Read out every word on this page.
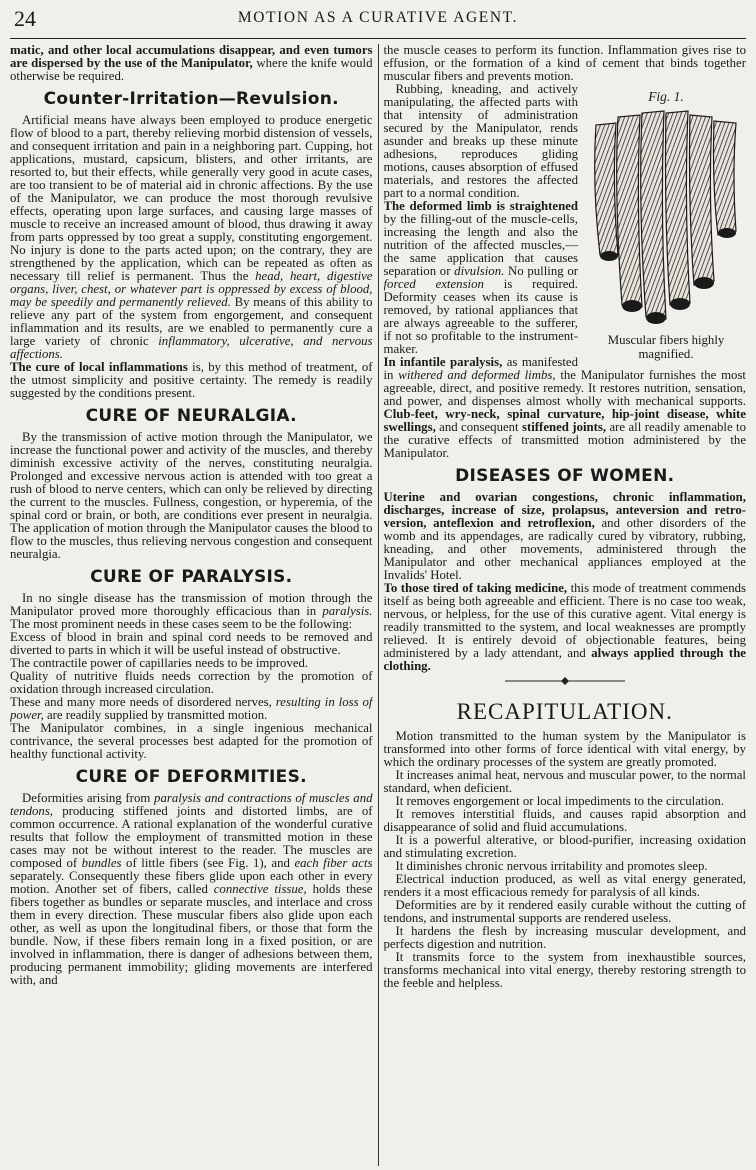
24	MOTION AS A CURATIVE AGENT.

matic, and other local accumulations disappear, and even tumors are dispersed by the use of the Manipulator, where the knife would otherwise be required.

Counter-Irritation—Revulsion.

Artificial means have always been employed to produce energetic flow of blood to a part, thereby relieving morbid distension of vessels, and consequent irritation and pain in a neighboring part. Cupping, hot applications, mustard, capsicum, blisters, and other irritants, are resorted to, but their effects, while generally very good in acute cases, are too transient to be of material aid in chronic affections. By the use of the Manipulator, we can produce the most thorough revulsive effects, operating upon large surfaces, and causing large masses of muscle to receive an increased amount of blood, thus drawing it away from parts oppressed by too great a supply, constituting engorgement. No injury is done to the parts acted upon; on the contrary, they are strengthened by the application, which can be repeated as often as necessary till relief is permanent. Thus the head, heart, digestive organs, liver, chest, or whatever part is oppressed by excess of blood, may be speedily and permanently relieved. By means of this ability to relieve any part of the system from engorgement, and consequent inflammation and its results, are we enabled to permanently cure a large variety of chronic inflammatory, ulcerative, and nervous affections.

The cure of local inflammations is, by this method of treatment, of the utmost simplicity and positive certainty. The remedy is readily suggested by the conditions present.

CURE OF NEURALGIA.

By the transmission of active motion through the Manipulator, we increase the functional power and activity of the muscles, and thereby diminish excessive activity of the nerves, constituting neuralgia. Prolonged and excessive nervous action is attended with too great a rush of blood to nerve centers, which can only be relieved by directing the current to the muscles. Fullness, congestion, or hyperemia, of the spinal cord or brain, or both, are conditions ever present in neuralgia. The application of motion through the Manipulator causes the blood to flow to the muscles, thus relieving nervous congestion and consequent neuralgia.

CURE OF PARALYSIS.

In no single disease has the transmission of motion through the Manipulator proved more thoroughly efficacious than in paralysis. The most prominent needs in these cases seem to be the following:

Excess of blood in brain and spinal cord needs to be removed and diverted to parts in which it will be useful instead of obstructive.

The contractile power of capillaries needs to be improved.

Quality of nutritive fluids needs correction by the promotion of oxidation through increased circulation.

These and many more needs of disordered nerves, resulting in loss of power, are readily supplied by transmitted motion.

The Manipulator combines, in a single ingenious mechanical contrivance, the several processes best adapted for the promotion of healthy functional activity.

CURE OF DEFORMITIES.

Deformities arising from paralysis and contractions of muscles and tendons, producing stiffened joints and distorted limbs, are of common occurrence. A rational explanation of the wonderful curative results that follow the employment of transmitted motion in these cases may not be without interest to the reader. The muscles are composed of bundles of little fibers (see Fig. 1), and each fiber acts separately. Consequently these fibers glide upon each other in every motion. Another set of fibers, called connective tissue, holds these fibers together as bundles or separate muscles, and interlace and cross them in every direction. These muscular fibers also glide upon each other, as well as upon the longitudinal fibers, or those that form the bundle. Now, if these fibers remain long in a fixed position, or are involved in inflammation, there is danger of adhesions between them, producing permanent immobility; gliding movements are interfered with, and

the muscle ceases to perform its function. Inflammation gives rise to effusion, or the formation of a kind of cement that binds together muscular fibers and prevents motion.

Fig. 1.
Muscular fibers highly magnified.

Rubbing, kneading, and actively manipulating, the affected parts with that intensity of administration secured by the Manipulator, rends asunder and breaks up these minute adhesions, reproduces gliding motions, causes absorption of effused materials, and restores the affected part to a normal condition.

The deformed limb is straightened by the filling-out of the muscle-cells, increasing the length and also the nutrition of the affected muscles,—the same application that causes separation or divulsion. No pulling or forced extension is required. Deformity ceases when its cause is removed, by rational appliances that are always agreeable to the sufferer, if not so profitable to the instrument-maker.

In infantile paralysis, as manifested in withered and deformed limbs, the Manipulator furnishes the most agreeable, direct, and positive remedy. It restores nutrition, sensation, and power, and dispenses almost wholly with mechanical supports. Club-feet, wry-neck, spinal curvature, hip-joint disease, white swellings, and consequent stiffened joints, are all readily amenable to the curative effects of transmitted motion administered by the Manipulator.

DISEASES OF WOMEN.

Uterine and ovarian congestions, chronic inflammation, discharges, increase of size, prolapsus, anteversion and retro-version, anteflexion and retroflexion, and other disorders of the womb and its appendages, are radically cured by vibratory, rubbing, kneading, and other movements, administered through the Manipulator and other mechanical appliances employed at the Invalids' Hotel.

To those tired of taking medicine, this mode of treatment commends itself as being both agreeable and efficient. There is no case too weak, nervous, or helpless, for the use of this curative agent. Vital energy is readily transmitted to the system, and local weaknesses are promptly relieved. It is entirely devoid of objectionable features, being administered by a lady attendant, and always applied through the clothing.

RECAPITULATION.

Motion transmitted to the human system by the Manipulator is transformed into other forms of force identical with vital energy, by which the ordinary processes of the system are greatly promoted.

It increases animal heat, nervous and muscular power, to the normal standard, when deficient.

It removes engorgement or local impediments to the circulation.

It removes interstitial fluids, and causes rapid absorption and disappearance of solid and fluid accumulations.

It is a powerful alterative, or blood-purifier, increasing oxidation and stimulating excretion.

It diminishes chronic nervous irritability and promotes sleep.

Electrical induction produced, as well as vital energy generated, renders it a most efficacious remedy for paralysis of all kinds.

Deformities are by it rendered easily curable without the cutting of tendons, and instrumental supports are rendered useless.

It hardens the flesh by increasing muscular development, and perfects digestion and nutrition.

It transmits force to the system from inexhaustible sources, transforms mechanical into vital energy, thereby restoring strength to the feeble and helpless.
